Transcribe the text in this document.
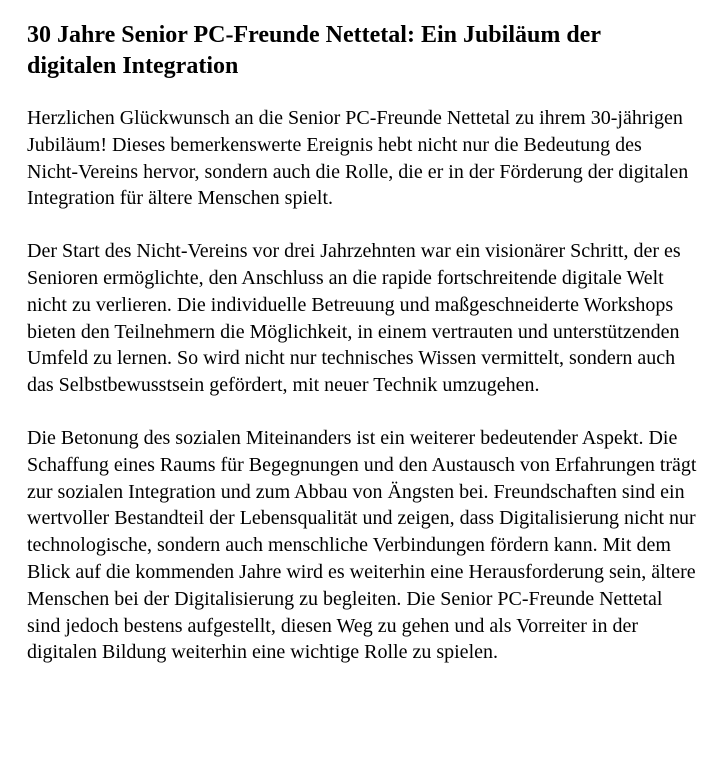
30 Jahre Senior PC-Freunde Nettetal: Ein Jubiläum der digitalen Integration

Herzlichen Glückwunsch an die Senior PC-Freunde Nettetal zu ihrem 30-jährigen Jubiläum! Dieses bemerkenswerte Ereignis hebt nicht nur die Bedeutung des Nicht-Vereins hervor, sondern auch die Rolle, die er in der Förderung der digitalen Integration für ältere Menschen spielt.

Der Start des Nicht-Vereins vor drei Jahrzehnten war ein visionärer Schritt, der es Senioren ermöglichte, den Anschluss an die rapide fortschreitende digitale Welt nicht zu verlieren. Die individuelle Betreuung und maßgeschneiderte Workshops bieten den Teilnehmern die Möglichkeit, in einem vertrauten und unterstützenden Umfeld zu lernen. So wird nicht nur technisches Wissen vermittelt, sondern auch das Selbstbewusstsein gefördert, mit neuer Technik umzugehen.

Die Betonung des sozialen Miteinanders ist ein weiterer bedeutender Aspekt. Die Schaffung eines Raums für Begegnungen und den Austausch von Erfahrungen trägt zur sozialen Integration und zum Abbau von Ängsten bei. Freundschaften sind ein wertvoller Bestandteil der Lebensqualität und zeigen, dass Digitalisierung nicht nur technologische, sondern auch menschliche Verbindungen fördern kann. Mit dem Blick auf die kommenden Jahre wird es weiterhin eine Herausforderung sein, ältere Menschen bei der Digitalisierung zu begleiten. Die Senior PC-Freunde Nettetal sind jedoch bestens aufgestellt, diesen Weg zu gehen und als Vorreiter in der digitalen Bildung weiterhin eine wichtige Rolle zu spielen.
